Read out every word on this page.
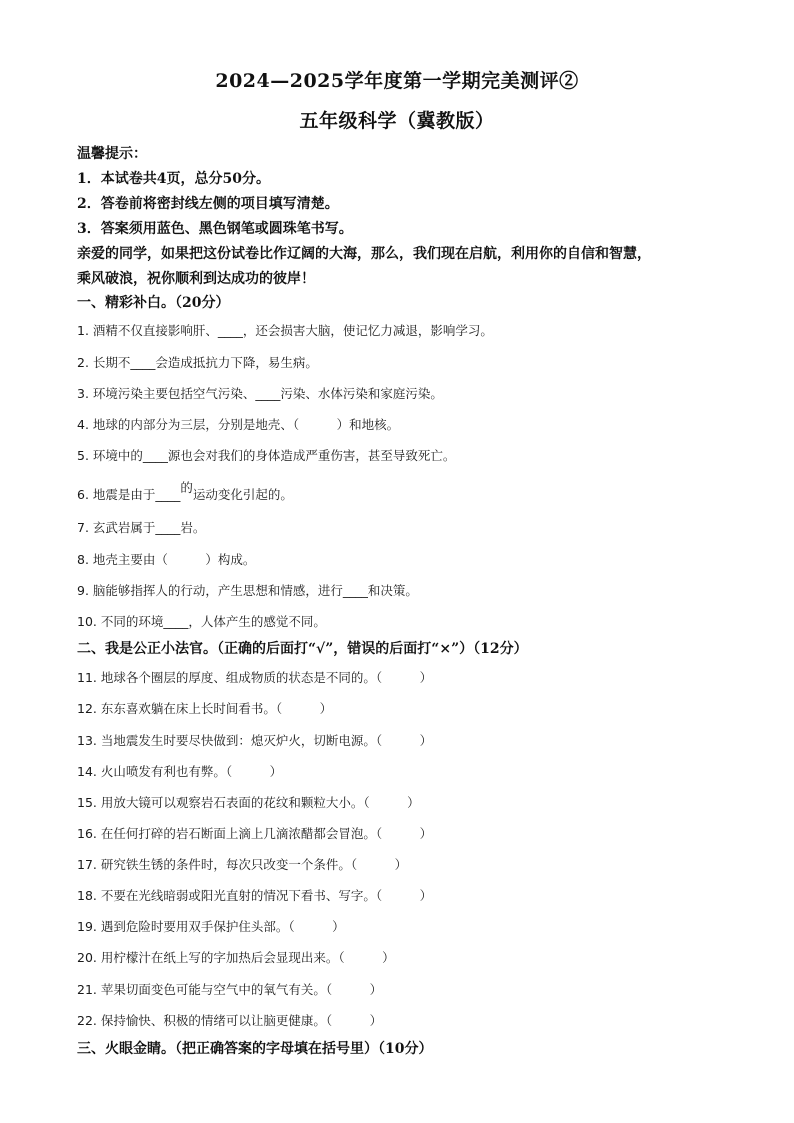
2024—2025学年度第一学期完美测评②
五年级科学（冀教版）
温馨提示：
1．本试卷共4页，总分50分。
2．答卷前将密封线左侧的项目填写清楚。
3．答案须用蓝色、黑色钢笔或圆珠笔书写。
亲爱的同学，如果把这份试卷比作辽阔的大海，那么，我们现在启航，利用你的自信和智慧，
乘风破浪，祝你顺利到达成功的彼岸！
一、精彩补白。（20分）
1. 酒精不仅直接影响肝、____，还会损害大脑，使记忆力减退，影响学习。
2. 长期不____会造成抵抗力下降，易生病。
3. 环境污染主要包括空气污染、____污染、水体污染和家庭污染。
4. 地球的内部分为三层，分别是地壳、（　　　）和地核。
5. 环境中的____源也会对我们的身体造成严重伤害，甚至导致死亡。
6. 地震是由于____的运动变化引起的。
7. 玄武岩属于____岩。
8. 地壳主要由（　　　）构成。
9. 脑能够指挥人的行动，产生思想和情感，进行____和决策。
10. 不同的环境____，人体产生的感觉不同。
二、我是公正小法官。（正确的后面打“√”，错误的后面打“×”）（12分）
11. 地球各个圈层的厚度、组成物质的状态是不同的。（　　　）
12. 东东喜欢躺在床上长时间看书。（　　　）
13. 当地震发生时要尽快做到：熄灭炉火，切断电源。（　　　）
14. 火山喷发有利也有弊。（　　　）
15. 用放大镜可以观察岩石表面的花纹和颗粒大小。（　　　）
16. 在任何打碎的岩石断面上滴上几滴浓醋都会冒泡。（　　　）
17. 研究铁生锈的条件时，每次只改变一个条件。（　　　）
18. 不要在光线暗弱或阳光直射的情况下看书、写字。（　　　）
19. 遇到危险时要用双手保护住头部。（　　　）
20. 用柠檬汁在纸上写的字加热后会显现出来。（　　　）
21. 苹果切面变色可能与空气中的氧气有关。（　　　）
22. 保持愉快、积极的情绪可以让脑更健康。（　　　）
三、火眼金睛。（把正确答案的字母填在括号里）（10分）
